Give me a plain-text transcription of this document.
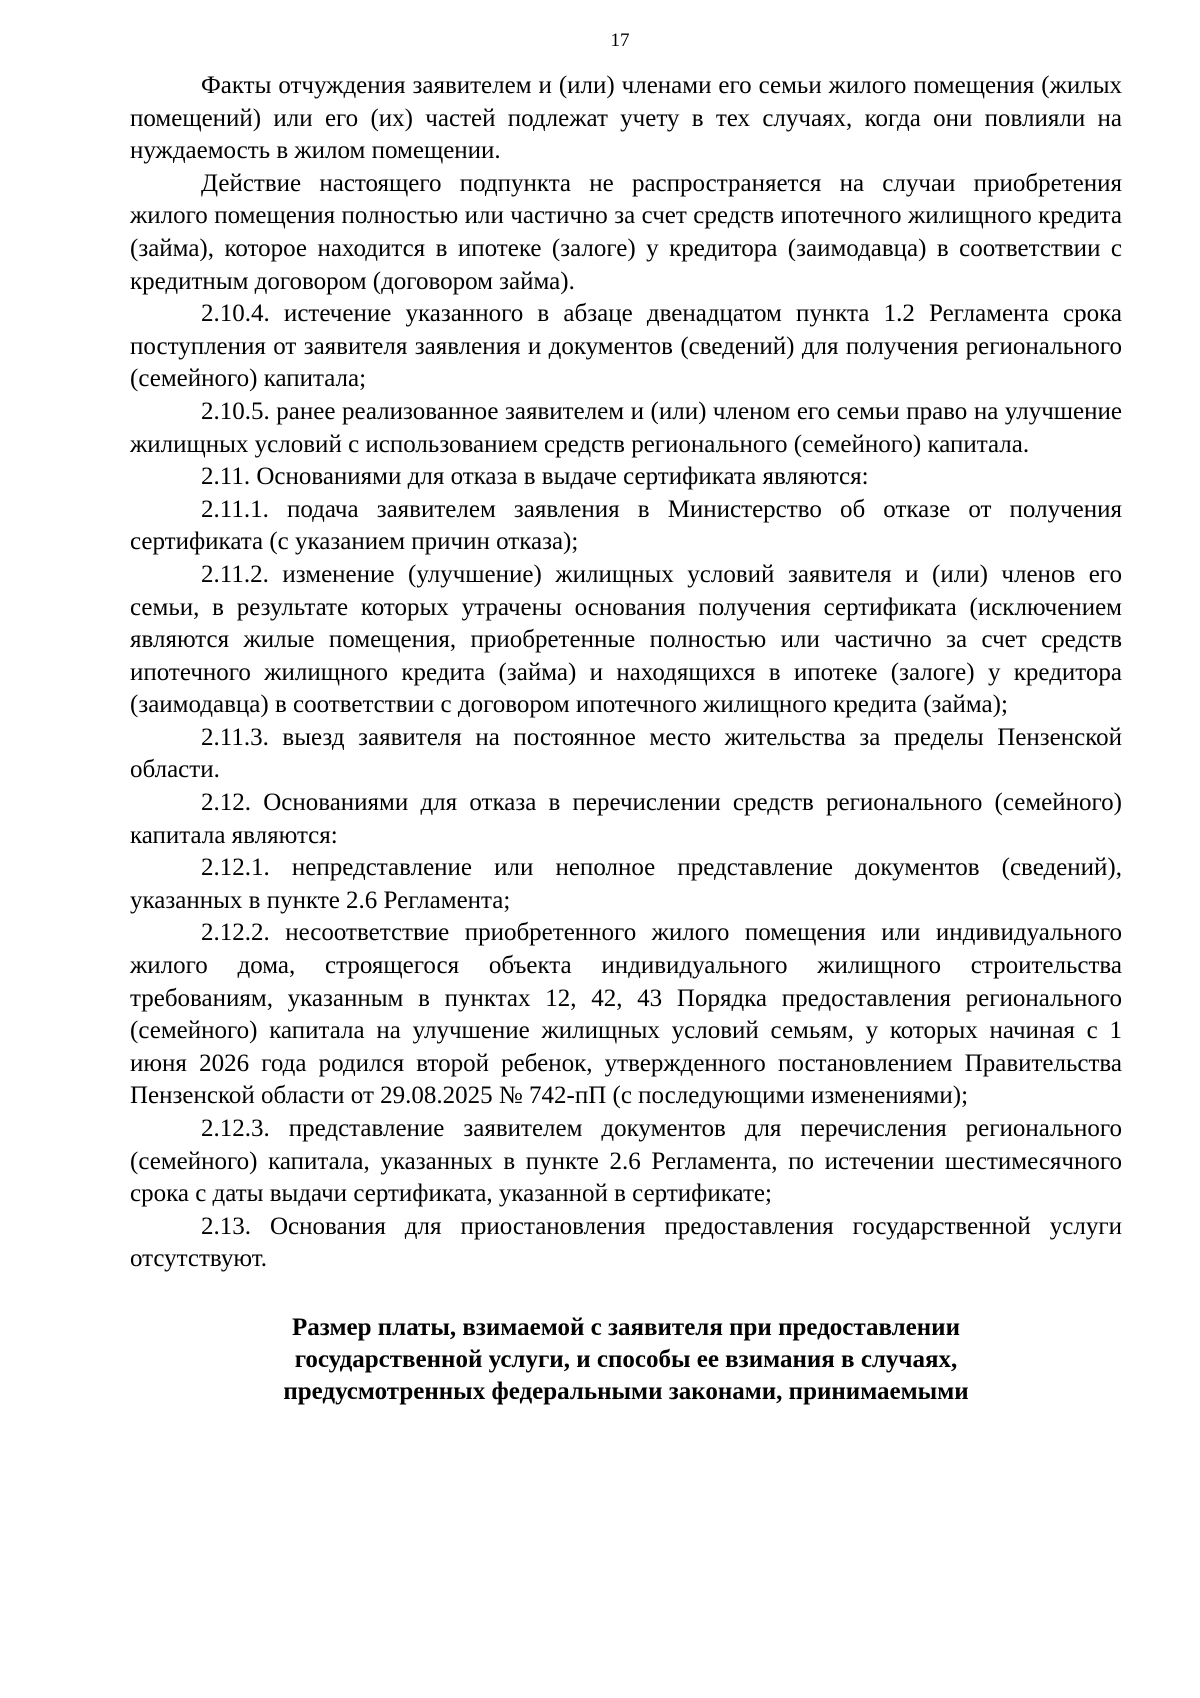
17

Факты отчуждения заявителем и (или) членами его семьи жилого помещения (жилых помещений) или его (их) частей подлежат учету в тех случаях, когда они повлияли на нуждаемость в жилом помещении.

Действие настоящего подпункта не распространяется на случаи приобретения жилого помещения полностью или частично за счет средств ипотечного жилищного кредита (займа), которое находится в ипотеке (залоге) у кредитора (заимодавца) в соответствии с кредитным договором (договором займа).

2.10.4. истечение указанного в абзаце двенадцатом пункта 1.2 Регламента срока поступления от заявителя заявления и документов (сведений) для получения регионального (семейного) капитала;

2.10.5. ранее реализованное заявителем и (или) членом его семьи право на улучшение жилищных условий с использованием средств регионального (семейного) капитала.

2.11. Основаниями для отказа в выдаче сертификата являются:

2.11.1. подача заявителем заявления в Министерство об отказе от получения сертификата (с указанием причин отказа);

2.11.2. изменение (улучшение) жилищных условий заявителя и (или) членов его семьи, в результате которых утрачены основания получения сертификата (исключением являются жилые помещения, приобретенные полностью или частично за счет средств ипотечного жилищного кредита (займа) и находящихся в ипотеке (залоге) у кредитора (заимодавца) в соответствии с договором ипотечного жилищного кредита (займа);

2.11.3. выезд заявителя на постоянное место жительства за пределы Пензенской области.

2.12. Основаниями для отказа в перечислении средств регионального (семейного) капитала являются:

2.12.1. непредставление или неполное представление документов (сведений), указанных в пункте 2.6 Регламента;

2.12.2. несоответствие приобретенного жилого помещения или индивидуального жилого дома, строящегося объекта индивидуального жилищного строительства требованиям, указанным в пунктах 12, 42, 43 Порядка предоставления регионального (семейного) капитала на улучшение жилищных условий семьям, у которых начиная с 1 июня 2026 года родился второй ребенок, утвержденного постановлением Правительства Пензенской области от 29.08.2025 № 742-пП (с последующими изменениями);

2.12.3. представление заявителем документов для перечисления регионального (семейного) капитала, указанных в пункте 2.6 Регламента, по истечении шестимесячного срока с даты выдачи сертификата, указанной в сертификате;

2.13. Основания для приостановления предоставления государственной услуги отсутствуют.

Размер платы, взимаемой с заявителя при предоставлении
государственной услуги, и способы ее взимания в случаях,
предусмотренных федеральными законами, принимаемыми
